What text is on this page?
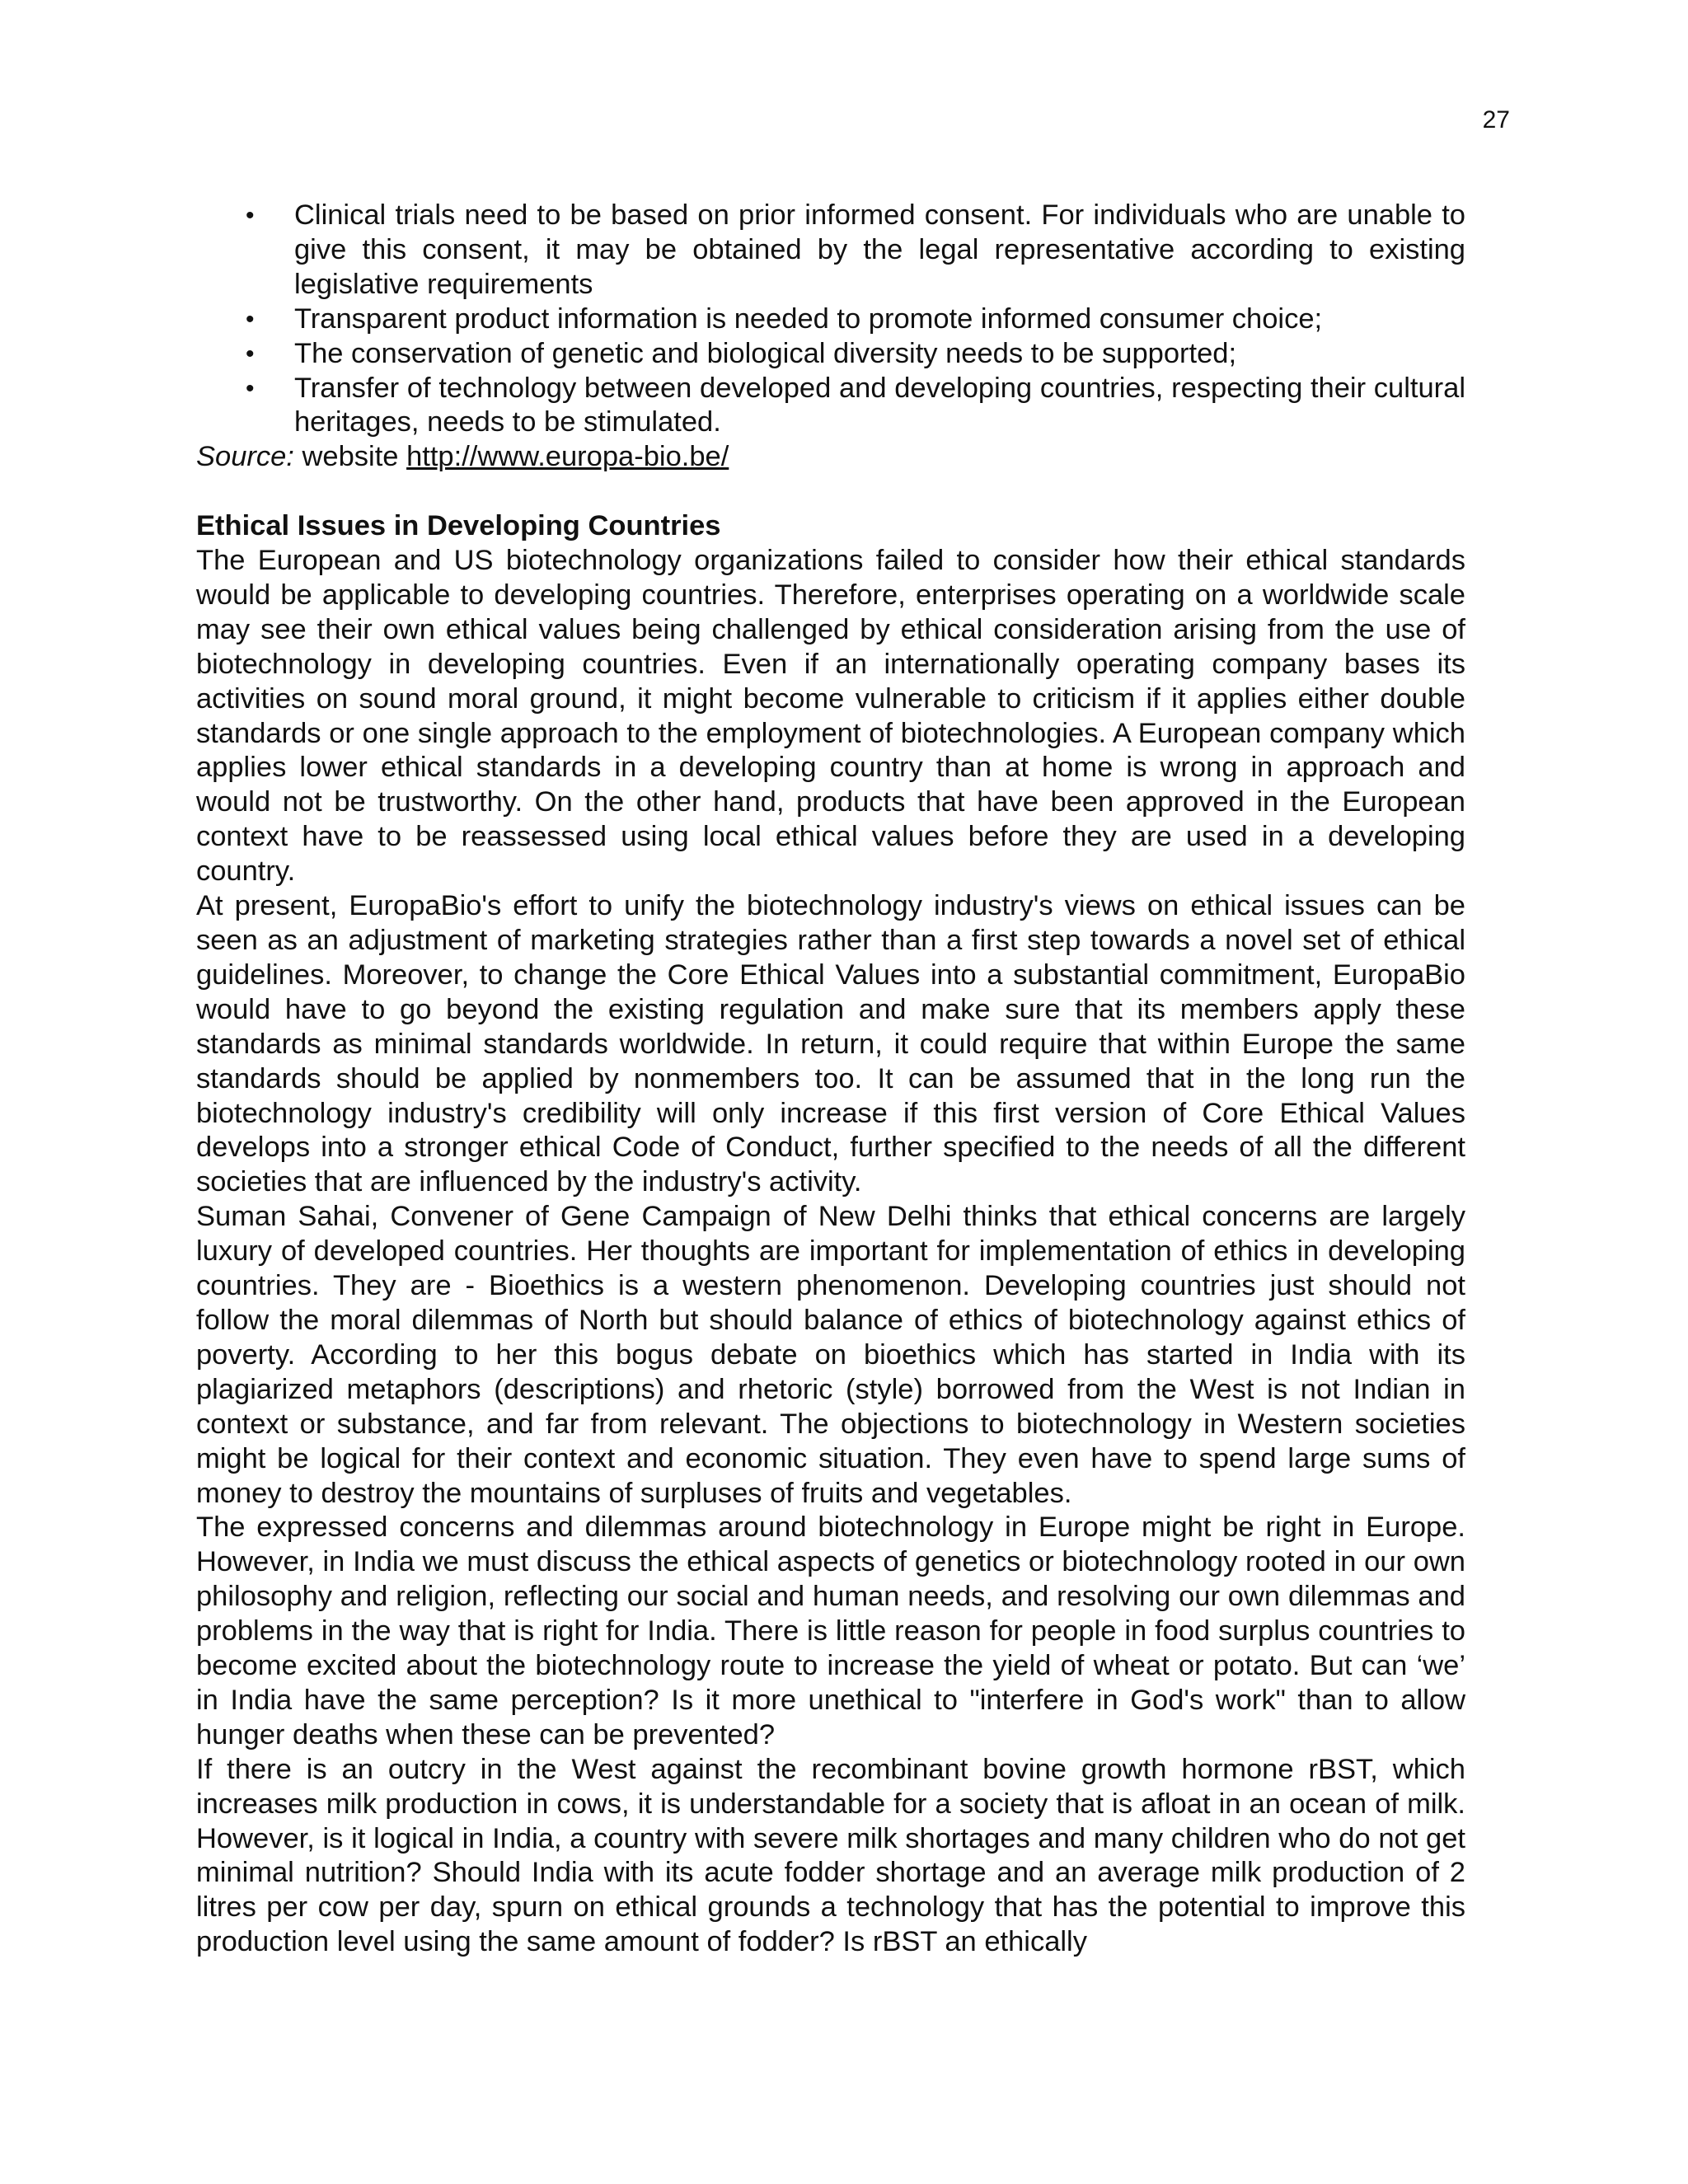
27
• Clinical trials need to be based on prior informed consent. For individuals who are unable to give this consent, it may be obtained by the legal representative according to existing legislative requirements
• Transparent product information is needed to promote informed consumer choice;
• The conservation of genetic and biological diversity needs to be supported;
• Transfer of technology between developed and developing countries, respecting their cultural heritages, needs to be stimulated.

Source: website http://www.europa-bio.be/

Ethical Issues in Developing Countries

The European and US biotechnology organizations failed to consider how their ethical standards would be applicable to developing countries. Therefore, enterprises operating on a worldwide scale may see their own ethical values being challenged by ethical consideration arising from the use of biotechnology in developing countries. Even if an internationally operating company bases its activities on sound moral ground, it might become vulnerable to criticism if it applies either double standards or one single approach to the employment of biotechnologies. A European company which applies lower ethical standards in a developing country than at home is wrong in approach and would not be trustworthy. On the other hand, products that have been approved in the European context have to be reassessed using local ethical values before they are used in a developing country.

At present, EuropaBio's effort to unify the biotechnology industry's views on ethical issues can be seen as an adjustment of marketing strategies rather than a first step towards a novel set of ethical guidelines. Moreover, to change the Core Ethical Values into a substantial commitment, EuropaBio would have to go beyond the existing regulation and make sure that its members apply these standards as minimal standards worldwide. In return, it could require that within Europe the same standards should be applied by nonmembers too. It can be assumed that in the long run the biotechnology industry's credibility will only increase if this first version of Core Ethical Values develops into a stronger ethical Code of Conduct, further specified to the needs of all the different societies that are influenced by the industry's activity.

Suman Sahai, Convener of Gene Campaign of New Delhi thinks that ethical concerns are largely luxury of developed countries. Her thoughts are important for implementation of ethics in developing countries. They are - Bioethics is a western phenomenon. Developing countries just should not follow the moral dilemmas of North but should balance of ethics of biotechnology against ethics of poverty. According to her this bogus debate on bioethics which has started in India with its plagiarized metaphors (descriptions) and rhetoric (style) borrowed from the West is not Indian in context or substance, and far from relevant. The objections to biotechnology in Western societies might be logical for their context and economic situation. They even have to spend large sums of money to destroy the mountains of surpluses of fruits and vegetables.

The expressed concerns and dilemmas around biotechnology in Europe might be right in Europe. However, in India we must discuss the ethical aspects of genetics or biotechnology rooted in our own philosophy and religion, reflecting our social and human needs, and resolving our own dilemmas and problems in the way that is right for India. There is little reason for people in food surplus countries to become excited about the biotechnology route to increase the yield of wheat or potato. But can ‘we’ in India have the same perception? Is it more unethical to "interfere in God's work" than to allow hunger deaths when these can be prevented?

If there is an outcry in the West against the recombinant bovine growth hormone rBST, which increases milk production in cows, it is understandable for a society that is afloat in an ocean of milk. However, is it logical in India, a country with severe milk shortages and many children who do not get minimal nutrition? Should India with its acute fodder shortage and an average milk production of 2 litres per cow per day, spurn on ethical grounds a technology that has the potential to improve this production level using the same amount of fodder? Is rBST an ethically
